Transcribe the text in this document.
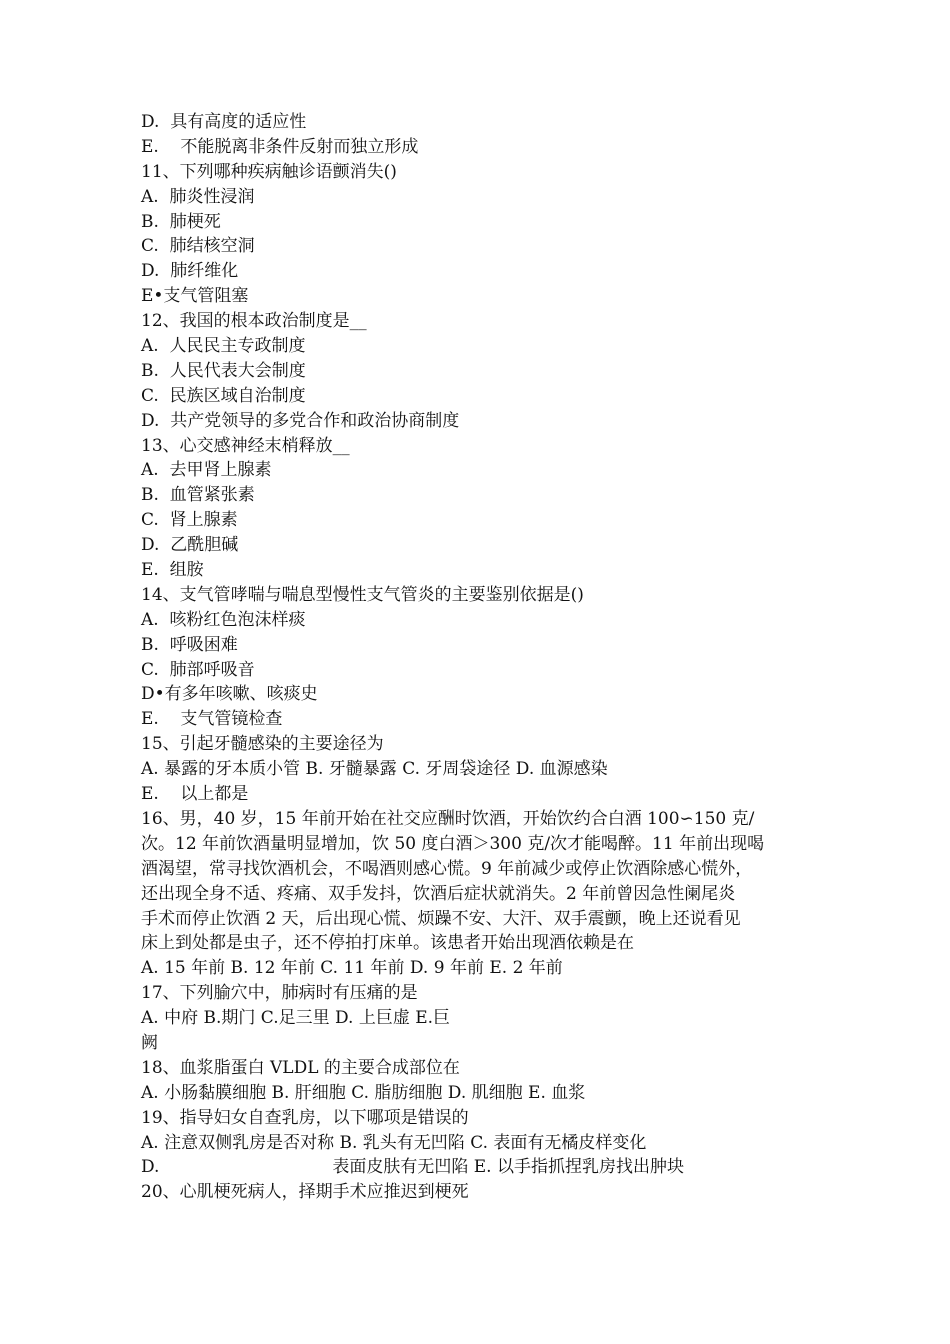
D.  具有高度的适应性
E.    不能脱离非条件反射而独立形成
11、下列哪种疾病触诊语颤消失()
A.  肺炎性浸润
B.  肺梗死
C.  肺结核空洞
D.  肺纤维化
E•支气管阻塞
12、我国的根本政治制度是__
A.  人民民主专政制度
B.  人民代表大会制度
C.  民族区域自治制度
D.  共产党领导的多党合作和政治协商制度
13、心交感神经末梢释放__
A.  去甲肾上腺素
B.  血管紧张素
C.  肾上腺素
D.  乙酰胆碱
E.  组胺
14、支气管哮喘与喘息型慢性支气管炎的主要鉴别依据是()
A.  咳粉红色泡沫样痰
B.  呼吸困难
C.  肺部呼吸音
D•有多年咳嗽、咳痰史
E.    支气管镜检查
15、引起牙髓感染的主要途径为
A. 暴露的牙本质小管 B. 牙髓暴露 C. 牙周袋途径 D. 血源感染
E.    以上都是
16、男，40 岁，15 年前开始在社交应酬时饮酒，开始饮约合白酒 100∽150 克/
次。12 年前饮酒量明显增加，饮 50 度白酒＞300 克/次才能喝醉。11 年前出现喝
酒渴望，常寻找饮酒机会，不喝酒则感心慌。9 年前减少或停止饮酒除感心慌外，
还出现全身不适、疼痛、双手发抖，饮酒后症状就消失。2 年前曾因急性阑尾炎
手术而停止饮酒 2 天，后出现心慌、烦躁不安、大汗、双手震颤，晚上还说看见
床上到处都是虫子，还不停拍打床单。该患者开始出现酒依赖是在
A. 15 年前 B. 12 年前 C. 11 年前 D. 9 年前 E. 2 年前
17、下列腧穴中，肺病时有压痛的是
A. 中府 B.期门 C.足三里 D. 上巨虚 E.巨
阙
18、血浆脂蛋白 VLDL 的主要合成部位在
A. 小肠黏膜细胞 B. 肝细胞 C. 脂肪细胞 D. 肌细胞 E. 血浆
19、指导妇女自查乳房，以下哪项是错误的
A. 注意双侧乳房是否对称 B. 乳头有无凹陷 C. 表面有无橘皮样变化
D.                                表面皮肤有无凹陷 E. 以手指抓捏乳房找出肿块
20、心肌梗死病人，择期手术应推迟到梗死
